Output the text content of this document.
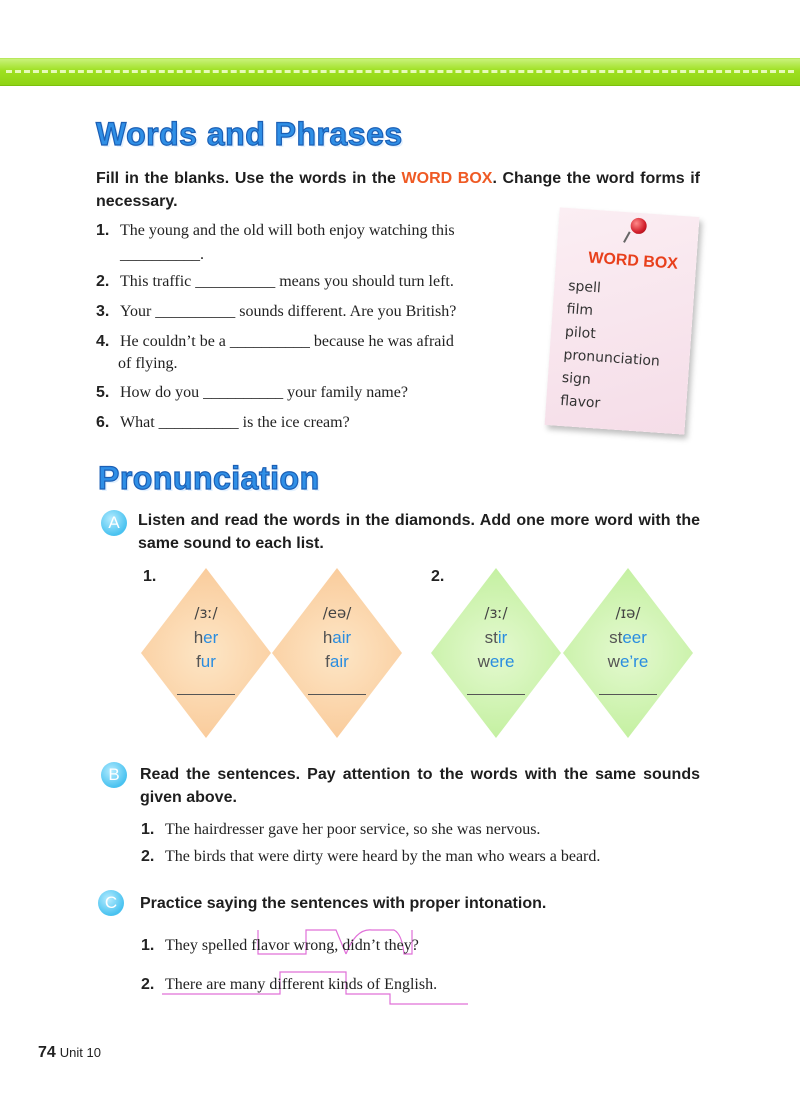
Words and Phrases
Fill in the blanks. Use the words in the WORD BOX. Change the word forms if necessary.
1. The young and the old will both enjoy watching this
__________.
2. This traffic __________ means you should turn left.
3. Your __________ sounds different. Are you British?
4. He couldn’t be a __________ because he was afraid
of flying.
5. How do you __________ your family name?
6. What __________ is the ice cream?
WORD BOX
spell
film
pilot
pronunciation
sign
flavor
Pronunciation
A	Listen and read the words in the diamonds. Add one more word with the same sound to each list.
1.	2.
/ɜː/
her
fur
/eə/
hair
fair
/ɜː/
stir
were
/ɪə/
steer
we’re
B	Read the sentences. Pay attention to the words with the same sounds given above.
1. The hairdresser gave her poor service, so she was nervous.
2. The birds that were dirty were heard by the man who wears a beard.
C	Practice saying the sentences with proper intonation.
1. They spelled flavor wrong, didn’t they?
2. There are many different kinds of English.
74 Unit 10
